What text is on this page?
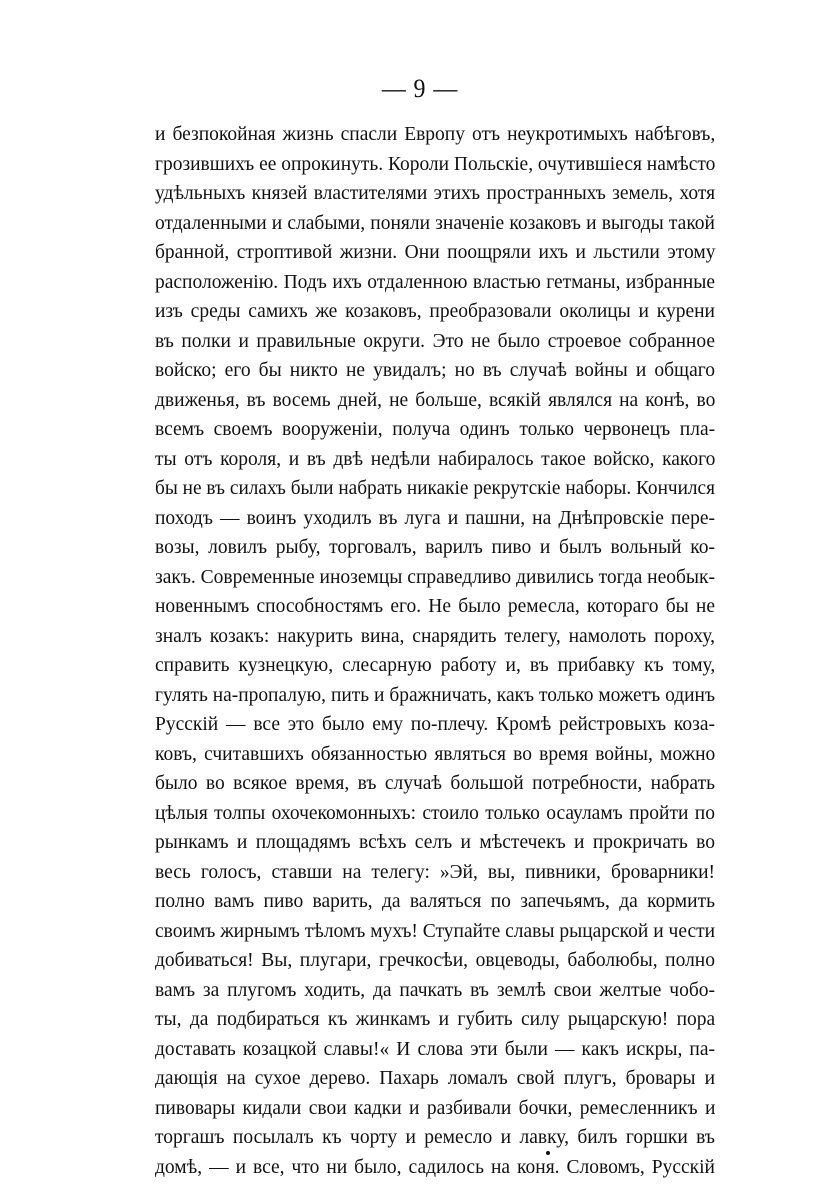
— 9 —
и безпокойная жизнь спасли Европу отъ неукротимыхъ набѣговъ,
грозившихъ ее опрокинуть. Короли Польскіе, очутившіеся намѣсто
удѣльныхъ князей властителями этихъ пространныхъ земель, хотя
отдаленными и слабыми, поняли значеніе козаковъ и выгоды такой
бранной, строптивой жизни. Они поощряли ихъ и льстили этому
расположенію. Подъ ихъ отдаленною властью гетманы, избранные
изъ среды самихъ же козаковъ, преобразовали околицы и курени
въ полки и правильные округи. Это не было строевое собранное
войско; его бы никто не увидалъ; но въ случаѣ войны и общаго
движенья, въ восемь дней, не больше, всякій являлся на конѣ, во
всемъ своемъ вооруженіи, получа одинъ только червонецъ пла-
ты отъ короля, и въ двѣ недѣли набиралось такое войско, какого
бы не въ силахъ были набрать никакіе рекрутскіе наборы. Кончился
походъ — воинъ уходилъ въ луга и пашни, на Днѣпровскіе пере-
возы, ловилъ рыбу, торговалъ, варилъ пиво и былъ вольный ко-
закъ. Современные иноземцы справедливо дивились тогда необык-
новеннымъ способностямъ его. Не было ремесла, котораго бы не
зналъ козакъ: накурить вина, снарядить телегу, намолоть пороху,
справить кузнецкую, слесарную работу и, въ прибавку къ тому,
гулять на-пропалую, пить и бражничать, какъ только можетъ одинъ
Русскій — все это было ему по-плечу. Кромѣ рейстровыхъ коза-
ковъ, считавшихъ обязанностью являться во время войны, можно
было во всякое время, въ случаѣ большой потребности, набрать
цѣлыя толпы охочекомонныхъ: стоило только осауламъ пройти по
рынкамъ и площадямъ всѣхъ селъ и мѣстечекъ и прокричать во
весь голосъ, ставши на телегу: »Эй, вы, пивники, броварники!
полно вамъ пиво варить, да валяться по запечьямъ, да кормить
своимъ жирнымъ тѣломъ мухъ! Ступайте славы рыцарской и чести
добиваться! Вы, плугари, гречкосѣи, овцеводы, баболюбы, полно
вамъ за плугомъ ходить, да пачкать въ землѣ свои желтые чобо-
ты, да подбираться къ жинкамъ и губить силу рыцарскую! пора
доставать козацкой славы!« И слова эти были — какъ искры, па-
дающія на сухое дерево. Пахарь ломалъ свой плугъ, бровары и
пивовары кидали свои кадки и разбивали бочки, ремесленникъ и
торгашъ посылалъ къ чорту и ремесло и лавку, билъ горшки въ
домѣ, — и все, что ни было, садилось на коня. Словомъ, Русскій
